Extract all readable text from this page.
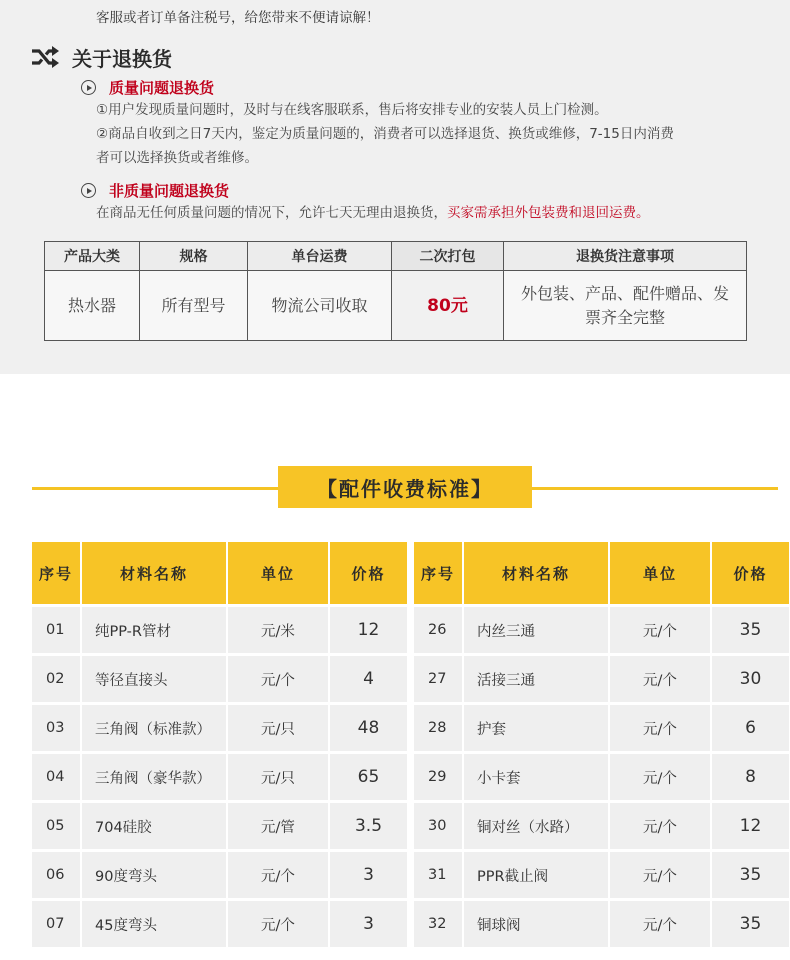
客服或者订单备注税号，给您带来不便请谅解！
关于退换货
质量问题退换货
①用户发现质量问题时，及时与在线客服联系，售后将安排专业的安装人员上门检测。
②商品自收到之日7天内，鉴定为质量问题的，消费者可以选择退货、换货或维修，7-15日内消费
者可以选择换货或者维修。
非质量问题退换货
在商品无任何质量问题的情况下，允许七天无理由退换货，买家需承担外包装费和退回运费。
产品大类	规格	单台运费	二次打包	退换货注意事项
热水器	所有型号	物流公司收取	80元	外包装、产品、配件赠品、发票齐全完整
【配件收费标准】
序号	材料名称	单位	价格
01	纯PP-R管材	元/米	12
02	等径直接头	元/个	4
03	三角阀（标准款）	元/只	48
04	三角阀（豪华款）	元/只	65
05	704硅胶	元/管	3.5
06	90度弯头	元/个	3
07	45度弯头	元/个	3
序号	材料名称	单位	价格
26	内丝三通	元/个	35
27	活接三通	元/个	30
28	护套	元/个	6
29	小卡套	元/个	8
30	铜对丝（水路）	元/个	12
31	PPR截止阀	元/个	35
32	铜球阀	元/个	35
